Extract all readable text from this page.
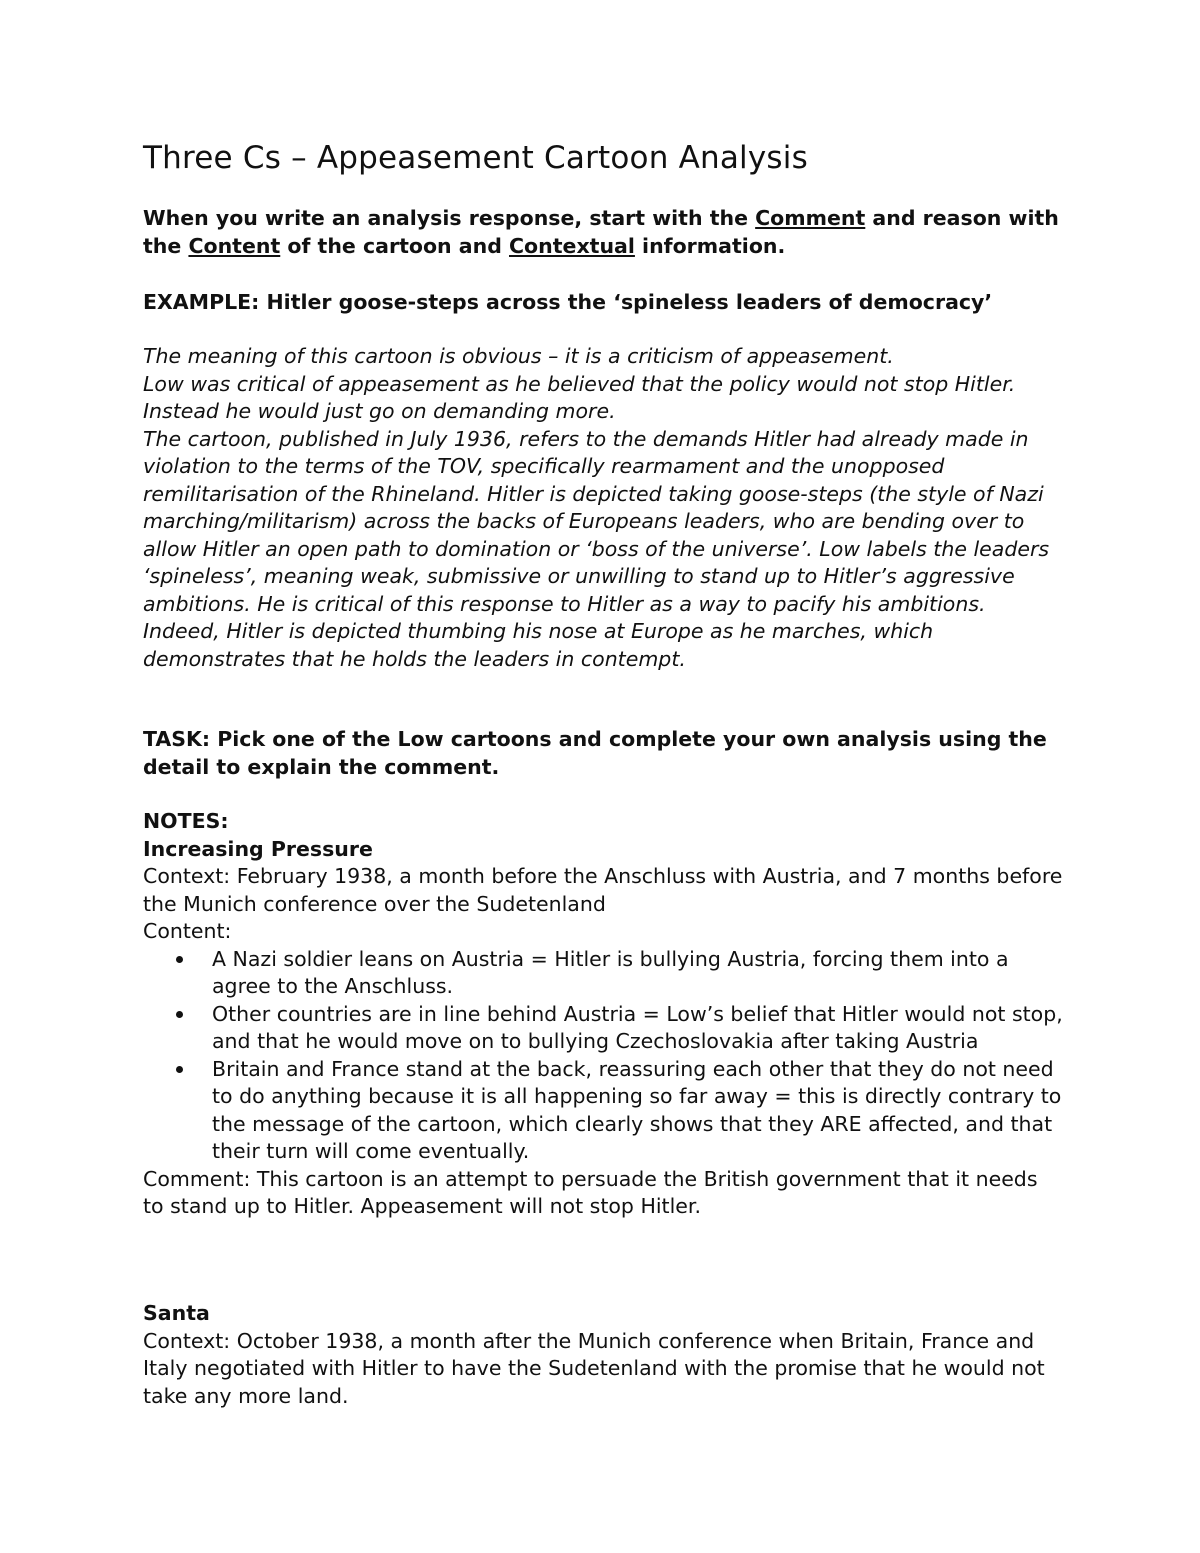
Three Cs – Appeasement Cartoon Analysis
When you write an analysis response, start with the Comment and reason with the Content of the cartoon and Contextual information.
EXAMPLE: Hitler goose-steps across the ‘spineless leaders of democracy’

The meaning of this cartoon is obvious – it is a criticism of appeasement.

Low was critical of appeasement as he believed that the policy would not stop Hitler. Instead he would just go on demanding more.

The cartoon, published in July 1936, refers to the demands Hitler had already made in violation to the terms of the TOV, specifically rearmament and the unopposed remilitarisation of the Rhineland. Hitler is depicted taking goose-steps (the style of Nazi marching/militarism) across the backs of Europeans leaders, who are bending over to allow Hitler an open path to domination or ‘boss of the universe’. Low labels the leaders ‘spineless’, meaning weak, submissive or unwilling to stand up to Hitler’s aggressive ambitions. He is critical of this response to Hitler as a way to pacify his ambitions. Indeed, Hitler is depicted thumbing his nose at Europe as he marches, which demonstrates that he holds the leaders in contempt.

TASK: Pick one of the Low cartoons and complete your own analysis using the detail to explain the comment.

NOTES:

Increasing Pressure

Context: February 1938, a month before the Anschluss with Austria, and 7 months before the Munich conference over the Sudetenland

Content:

A Nazi soldier leans on Austria = Hitler is bullying Austria, forcing them into a agree to the Anschluss.
Other countries are in line behind Austria = Low’s belief that Hitler would not stop, and that he would move on to bullying Czechoslovakia after taking Austria
Britain and France stand at the back, reassuring each other that they do not need to do anything because it is all happening so far away = this is directly contrary to the message of the cartoon, which clearly shows that they ARE affected, and that their turn will come eventually.

Comment: This cartoon is an attempt to persuade the British government that it needs to stand up to Hitler. Appeasement will not stop Hitler.

Santa

Context: October 1938, a month after the Munich conference when Britain, France and Italy negotiated with Hitler to have the Sudetenland with the promise that he would not take any more land.
